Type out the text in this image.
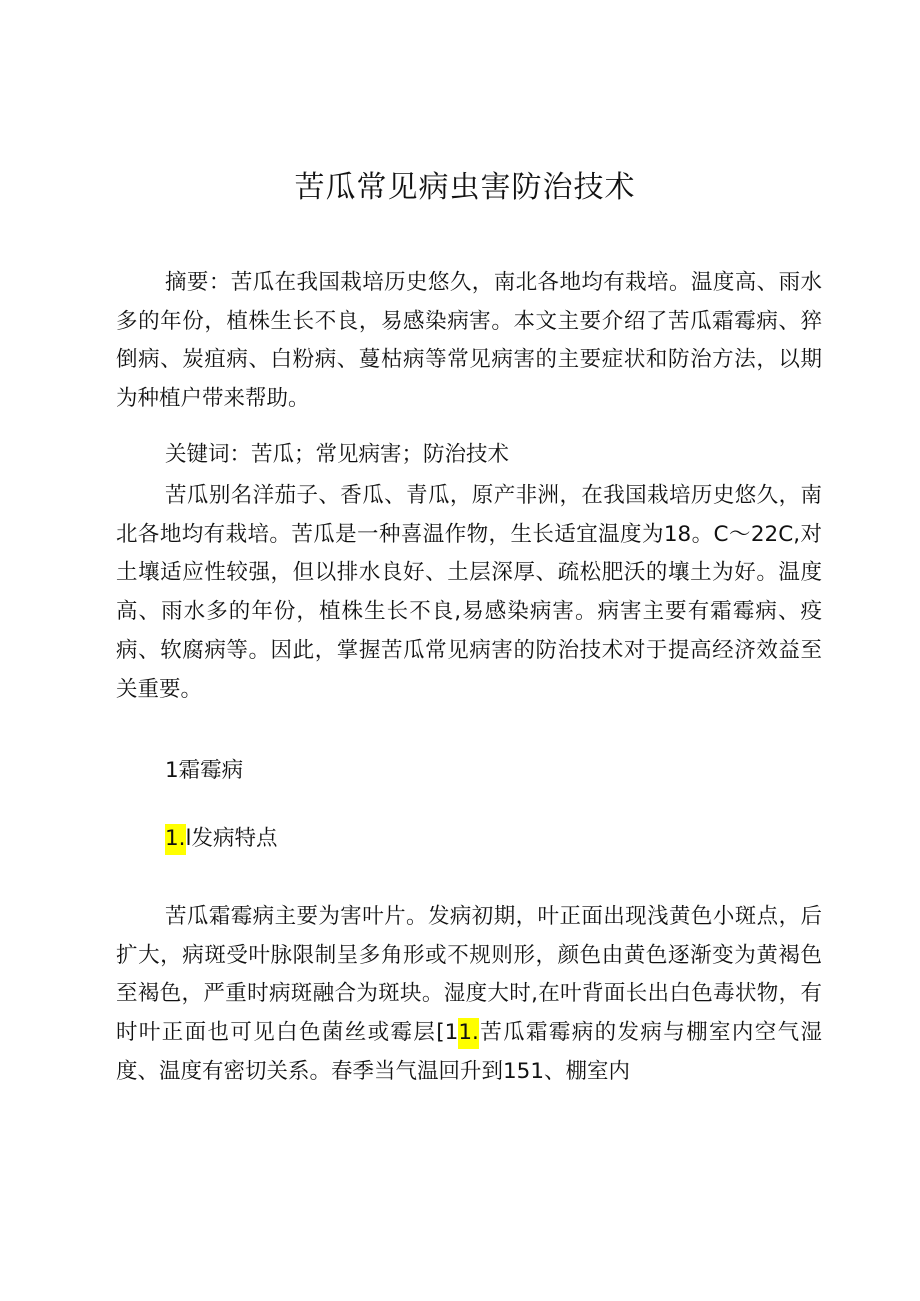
苦瓜常见病虫害防治技术
摘要：苦瓜在我国栽培历史悠久，南北各地均有栽培。温度高、雨水多的年份，植株生长不良，易感染病害。本文主要介绍了苦瓜霜霉病、猝倒病、炭疽病、白粉病、蔓枯病等常见病害的主要症状和防治方法，以期为种植户带来帮助。
关键词：苦瓜；常见病害；防治技术
苦瓜别名洋茄子、香瓜、青瓜，原产非洲，在我国栽培历史悠久，南北各地均有栽培。苦瓜是一种喜温作物，生长适宜温度为18。C～22C,对土壤适应性较强，但以排水良好、土层深厚、疏松肥沃的壤土为好。温度高、雨水多的年份，植株生长不良,易感染病害。病害主要有霜霉病、疫病、软腐病等。因此，掌握苦瓜常见病害的防治技术对于提高经济效益至关重要。
1霜霉病
1.l发病特点
苦瓜霜霉病主要为害叶片。发病初期，叶正面出现浅黄色小斑点，后扩大，病斑受叶脉限制呈多角形或不规则形，颜色由黄色逐渐变为黄褐色至褐色，严重时病斑融合为斑块。湿度大时,在叶背面长出白色毒状物，有时叶正面也可见白色菌丝或霉层[11.苦瓜霜霉病的发病与棚室内空气湿度、温度有密切关系。春季当气温回升到151、棚室内
